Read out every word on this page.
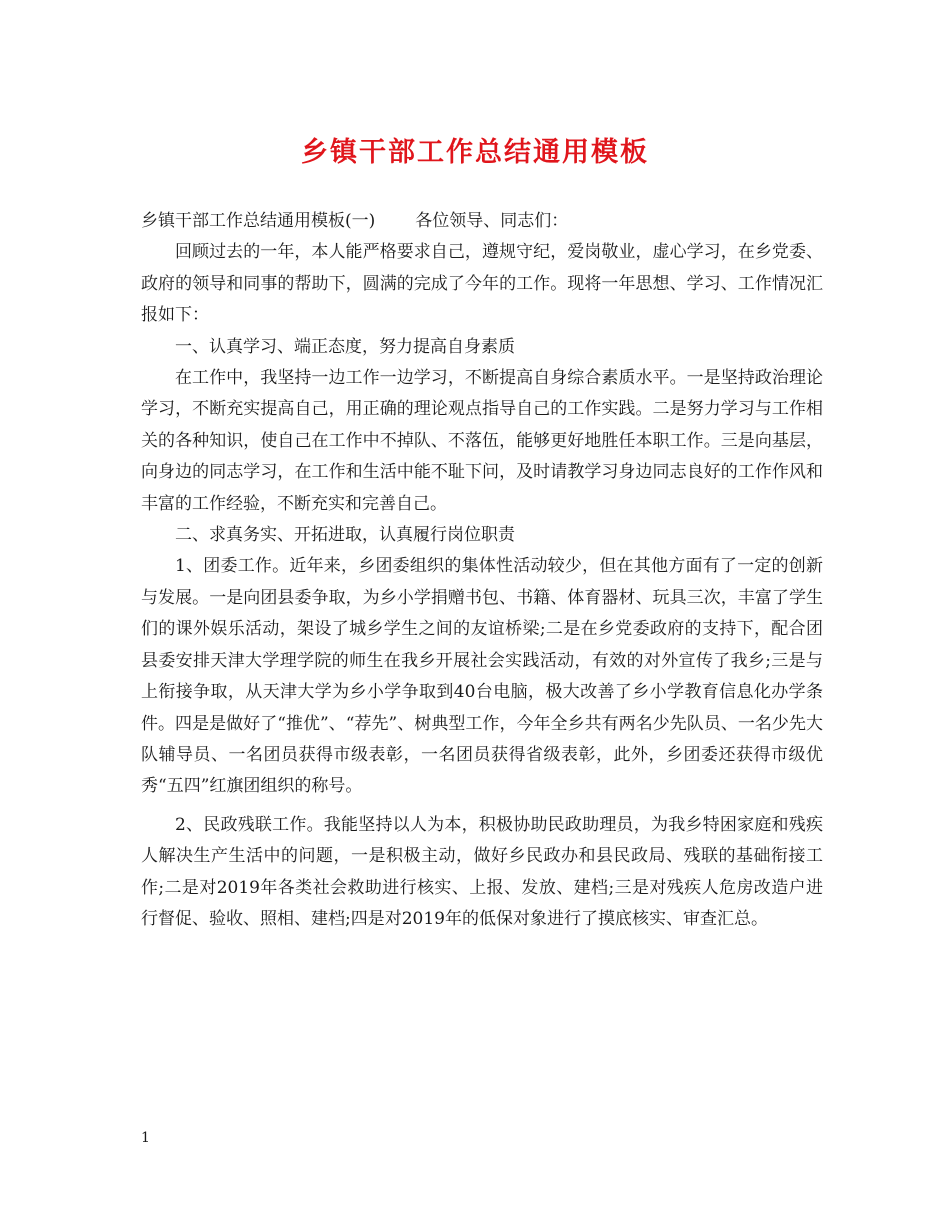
乡镇干部工作总结通用模板

乡镇干部工作总结通用模板(一) 各位领导、同志们：

回顾过去的一年，本人能严格要求自己，遵规守纪，爱岗敬业，虚心学习，在乡党委、政府的领导和同事的帮助下，圆满的完成了今年的工作。现将一年思想、学习、工作情况汇报如下：

一、认真学习、端正态度，努力提高自身素质

在工作中，我坚持一边工作一边学习，不断提高自身综合素质水平。一是坚持政治理论学习，不断充实提高自己，用正确的理论观点指导自己的工作实践。二是努力学习与工作相关的各种知识，使自己在工作中不掉队、不落伍，能够更好地胜任本职工作。三是向基层，向身边的同志学习，在工作和生活中能不耻下问，及时请教学习身边同志良好的工作作风和丰富的工作经验，不断充实和完善自己。

二、求真务实、开拓进取，认真履行岗位职责

1、团委工作。近年来，乡团委组织的集体性活动较少，但在其他方面有了一定的创新与发展。一是向团县委争取，为乡小学捐赠书包、书籍、体育器材、玩具三次，丰富了学生们的课外娱乐活动，架设了城乡学生之间的友谊桥梁;二是在乡党委政府的支持下，配合团县委安排天津大学理学院的师生在我乡开展社会实践活动，有效的对外宣传了我乡;三是与上衔接争取，从天津大学为乡小学争取到40台电脑，极大改善了乡小学教育信息化办学条件。四是是做好了“推优”、“荐先”、树典型工作，今年全乡共有两名少先队员、一名少先大队辅导员、一名团员获得市级表彰，一名团员获得省级表彰，此外，乡团委还获得市级优秀“五四”红旗团组织的称号。

2、民政残联工作。我能坚持以人为本，积极协助民政助理员，为我乡特困家庭和残疾人解决生产生活中的问题，一是积极主动，做好乡民政办和县民政局、残联的基础衔接工作;二是对2019年各类社会救助进行核实、上报、发放、建档;三是对残疾人危房改造户进行督促、验收、照相、建档;四是对2019年的低保对象进行了摸底核实、审查汇总。

1
